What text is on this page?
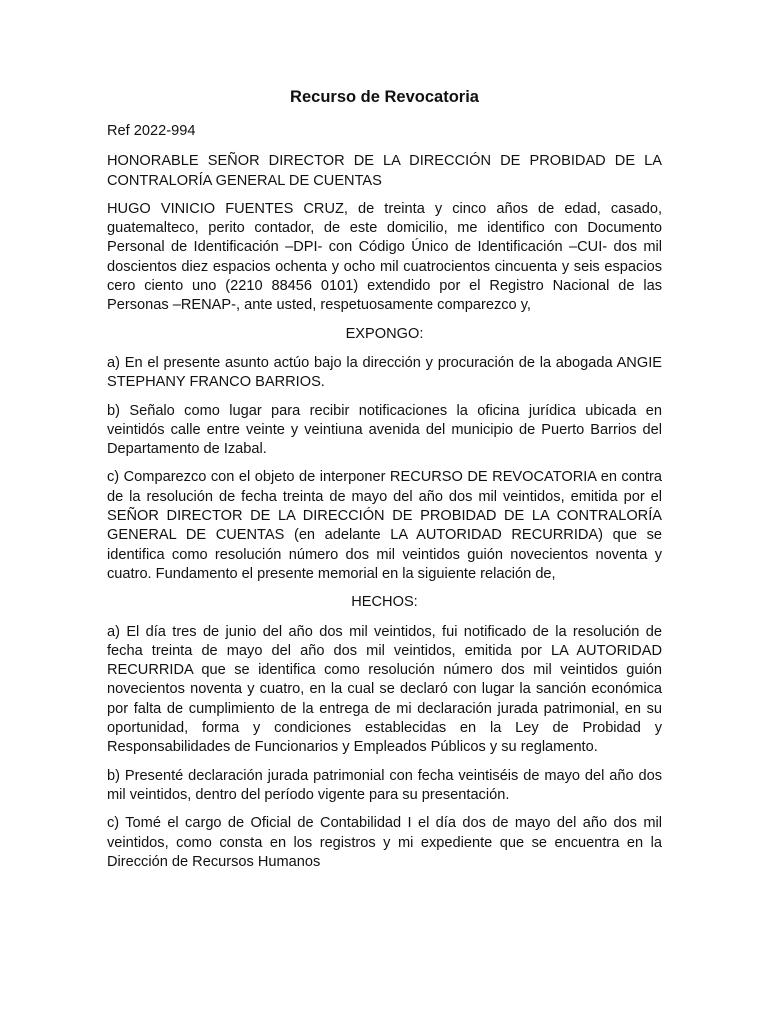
Recurso de Revocatoria

Ref 2022-994

HONORABLE SEÑOR DIRECTOR DE LA DIRECCIÓN DE PROBIDAD DE LA CONTRALORÍA GENERAL DE CUENTAS

HUGO VINICIO FUENTES CRUZ, de treinta y cinco años de edad, casado, guatemalteco, perito contador, de este domicilio, me identifico con Documento Personal de Identificación –DPI- con Código Único de Identificación –CUI- dos mil doscientos diez espacios ochenta y ocho mil cuatrocientos cincuenta y seis espacios cero ciento uno (2210 88456 0101) extendido por el Registro Nacional de las Personas –RENAP-, ante usted, respetuosamente comparezco y,

EXPONGO:

a) En el presente asunto actúo bajo la dirección y procuración de la abogada ANGIE STEPHANY FRANCO BARRIOS.

b) Señalo como lugar para recibir notificaciones la oficina jurídica ubicada en veintidós calle entre veinte y veintiuna avenida del municipio de Puerto Barrios del Departamento de Izabal.

c) Comparezco con el objeto de interponer RECURSO DE REVOCATORIA en contra de la resolución de fecha treinta de mayo del año dos mil veintidos, emitida por el SEÑOR DIRECTOR DE LA DIRECCIÓN DE PROBIDAD DE LA CONTRALORÍA GENERAL DE CUENTAS (en adelante LA AUTORIDAD RECURRIDA) que se identifica como resolución número dos mil veintidos guión novecientos noventa y cuatro. Fundamento el presente memorial en la siguiente relación de,

HECHOS:

a) El día tres de junio del año dos mil veintidos, fui notificado de la resolución de fecha treinta de mayo del año dos mil veintidos, emitida por LA AUTORIDAD RECURRIDA que se identifica como resolución número dos mil veintidos guión novecientos noventa y cuatro, en la cual se declaró con lugar la sanción económica por falta de cumplimiento de la entrega de mi declaración jurada patrimonial, en su oportunidad, forma y condiciones establecidas en la Ley de Probidad y Responsabilidades de Funcionarios y Empleados Públicos y su reglamento.

b) Presenté declaración jurada patrimonial con fecha veintiséis de mayo del año dos mil veintidos, dentro del período vigente para su presentación.

c) Tomé el cargo de Oficial de Contabilidad I el día dos de mayo del año dos mil veintidos, como consta en los registros y mi expediente que se encuentra en la Dirección de Recursos Humanos
